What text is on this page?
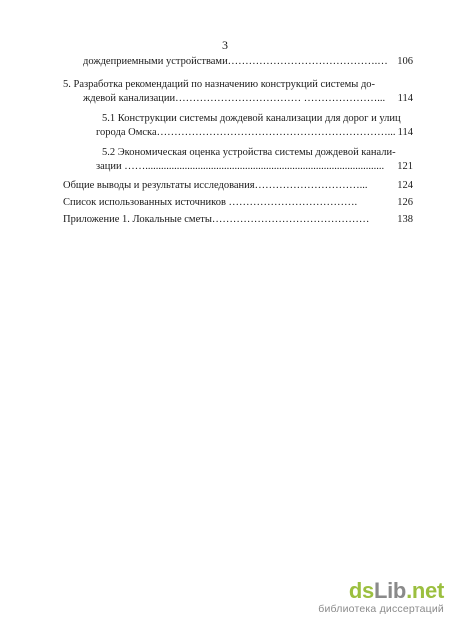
3
дождеприемными устройствами…………………………………….… 106
5. Разработка рекомендаций по назначению конструкций системы до-
ждевой канализации……………………………… …………………...	114
5.1 Конструкции системы дождевой канализации для дорог и улиц
города Омска…………………………………………………………... 114
5.2 Экономическая оценка устройства системы дождевой канали-
зации ……...........................................................................................	121
Общие выводы и результаты исследования…………………………...	124
Список использованных источников ……………………………….	126
Приложение 1. Локальные сметы………………………………………	138
dsLib.net
библиотека диссертаций
